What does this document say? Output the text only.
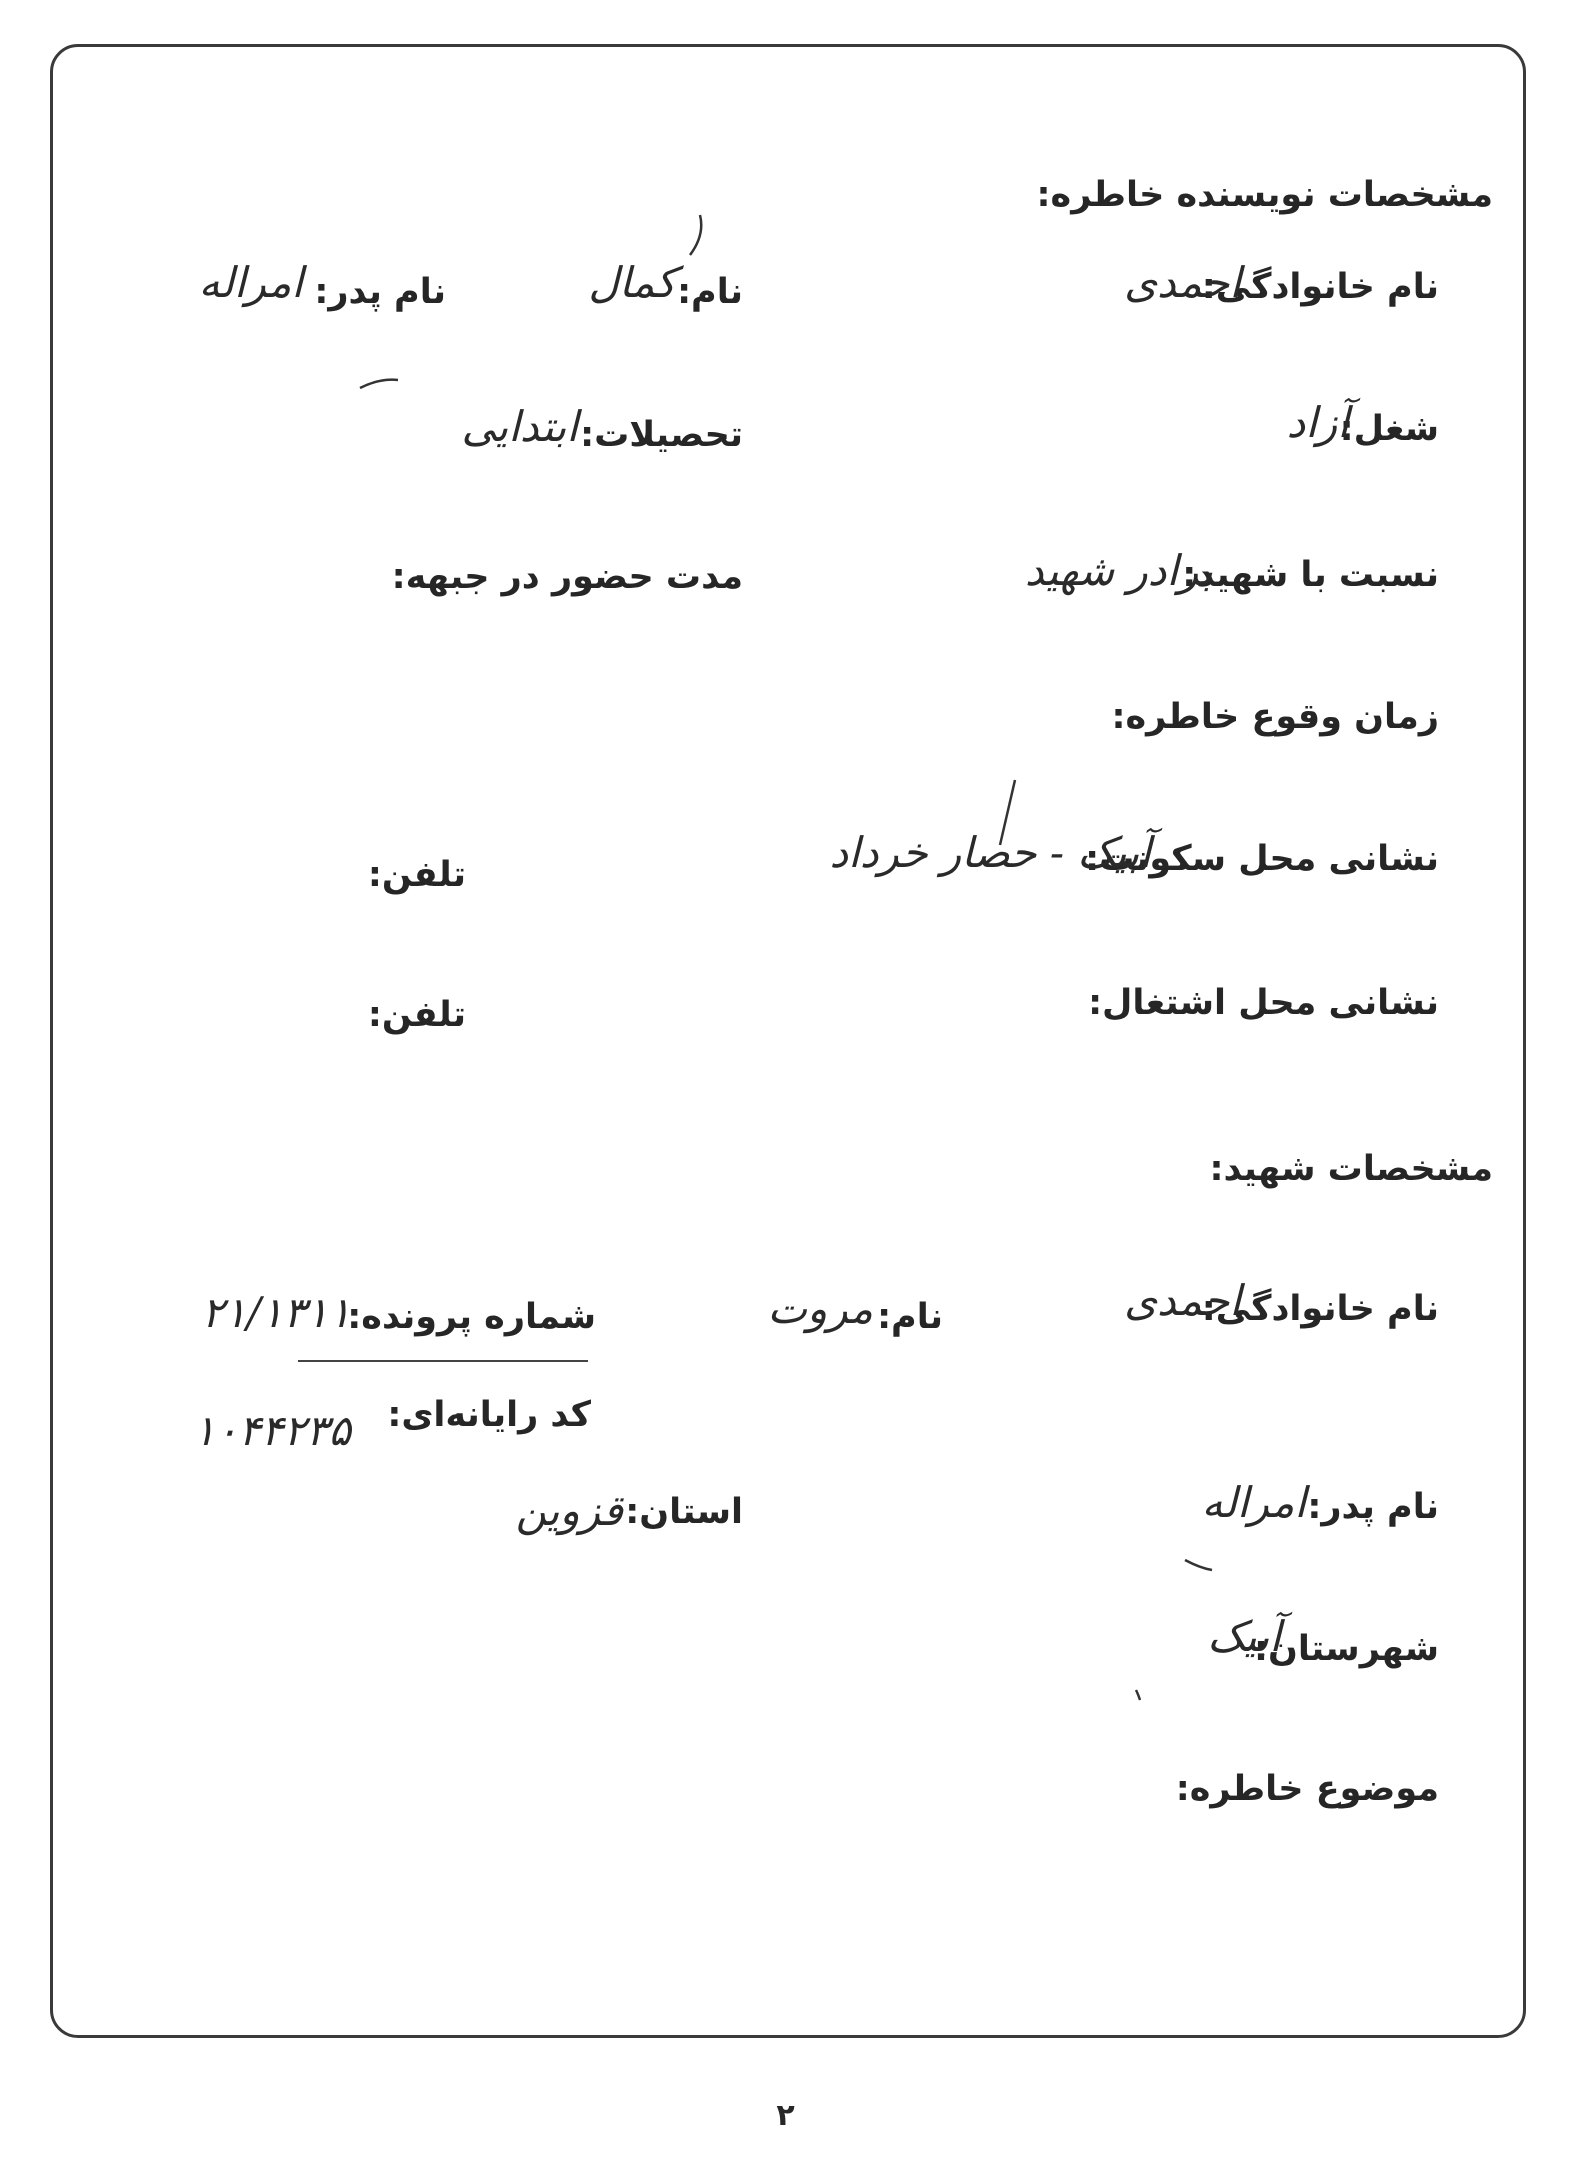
مشخصات نویسنده خاطره:
نام خانوادگی:
احمدی
نام:
کمال
نام پدر:
امراله
شغل:
آزاد
تحصیلات:
ابتدایی
نسبت با شهید:
برادر شهید
مدت حضور در جبهه:
زمان وقوع خاطره:
نشانی محل سکونت:
آبیک - حصار خرداد
تلفن:
نشانی محل اشتغال:
تلفن:
مشخصات شهید:
نام خانوادگی:
احمدی
نام:
مروت
شماره پرونده:
۲۱/۱۳۱۱
کد رایانه‌ای:
۱۰۴۴۲۳۵
نام پدر:
امراله
استان:
قزوین
شهرستان:
آبیک
موضوع خاطره:
۲
